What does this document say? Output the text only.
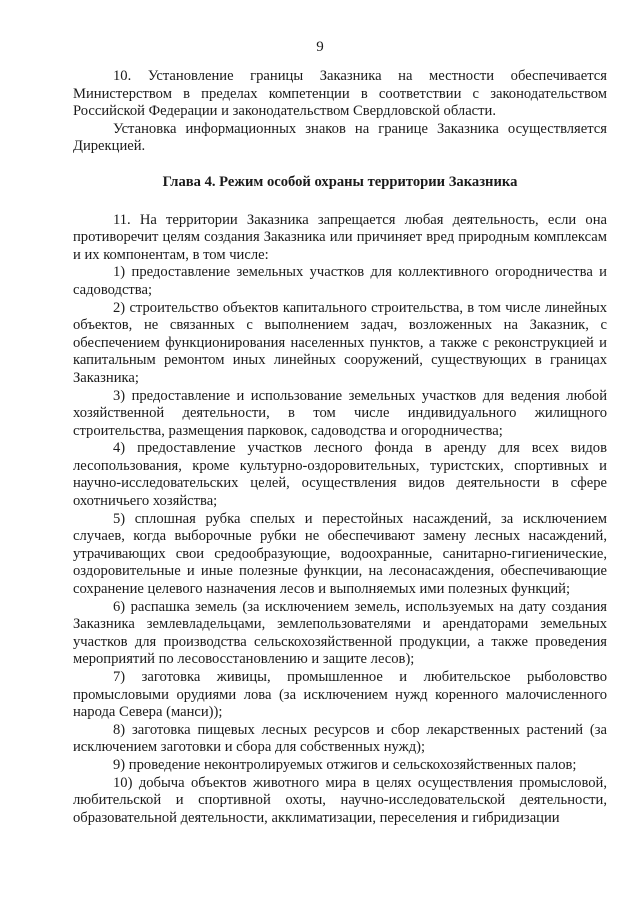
9

10. Установление границы Заказника на местности обеспечивается Министерством в пределах компетенции в соответствии с законодательством Российской Федерации и законодательством Свердловской области.

Установка информационных знаков на границе Заказника осуществляется Дирекцией.

Глава 4. Режим особой охраны территории Заказника

11. На территории Заказника запрещается любая деятельность, если она противоречит целям создания Заказника или причиняет вред природным комплексам и их компонентам, в том числе:

1) предоставление земельных участков для коллективного огородничества и садоводства;

2) строительство объектов капитального строительства, в том числе линейных объектов, не связанных с выполнением задач, возложенных на Заказник, с обеспечением функционирования населенных пунктов, а также с реконструкцией и капитальным ремонтом иных линейных сооружений, существующих в границах Заказника;

3) предоставление и использование земельных участков для ведения любой хозяйственной деятельности, в том числе индивидуального жилищного строительства, размещения парковок, садоводства и огородничества;

4) предоставление участков лесного фонда в аренду для всех видов лесопользования, кроме культурно-оздоровительных, туристских, спортивных и научно-исследовательских целей, осуществления видов деятельности в сфере охотничьего хозяйства;

5) сплошная рубка спелых и перестойных насаждений, за исключением случаев, когда выборочные рубки не обеспечивают замену лесных насаждений, утрачивающих свои средообразующие, водоохранные, санитарно-гигиенические, оздоровительные и иные полезные функции, на лесонасаждения, обеспечивающие сохранение целевого назначения лесов и выполняемых ими полезных функций;

6) распашка земель (за исключением земель, используемых на дату создания Заказника землевладельцами, землепользователями и арендаторами земельных участков для производства сельскохозяйственной продукции, а также проведения мероприятий по лесовосстановлению и защите лесов);

7) заготовка живицы, промышленное и любительское рыболовство промысловыми орудиями лова (за исключением нужд коренного малочисленного народа Севера (манси));

8) заготовка пищевых лесных ресурсов и сбор лекарственных растений (за исключением заготовки и сбора для собственных нужд);

9) проведение неконтролируемых отжигов и сельскохозяйственных палов;

10) добыча объектов животного мира в целях осуществления промысловой, любительской и спортивной охоты, научно-исследовательской деятельности, образовательной деятельности, акклиматизации, переселения и гибридизации
